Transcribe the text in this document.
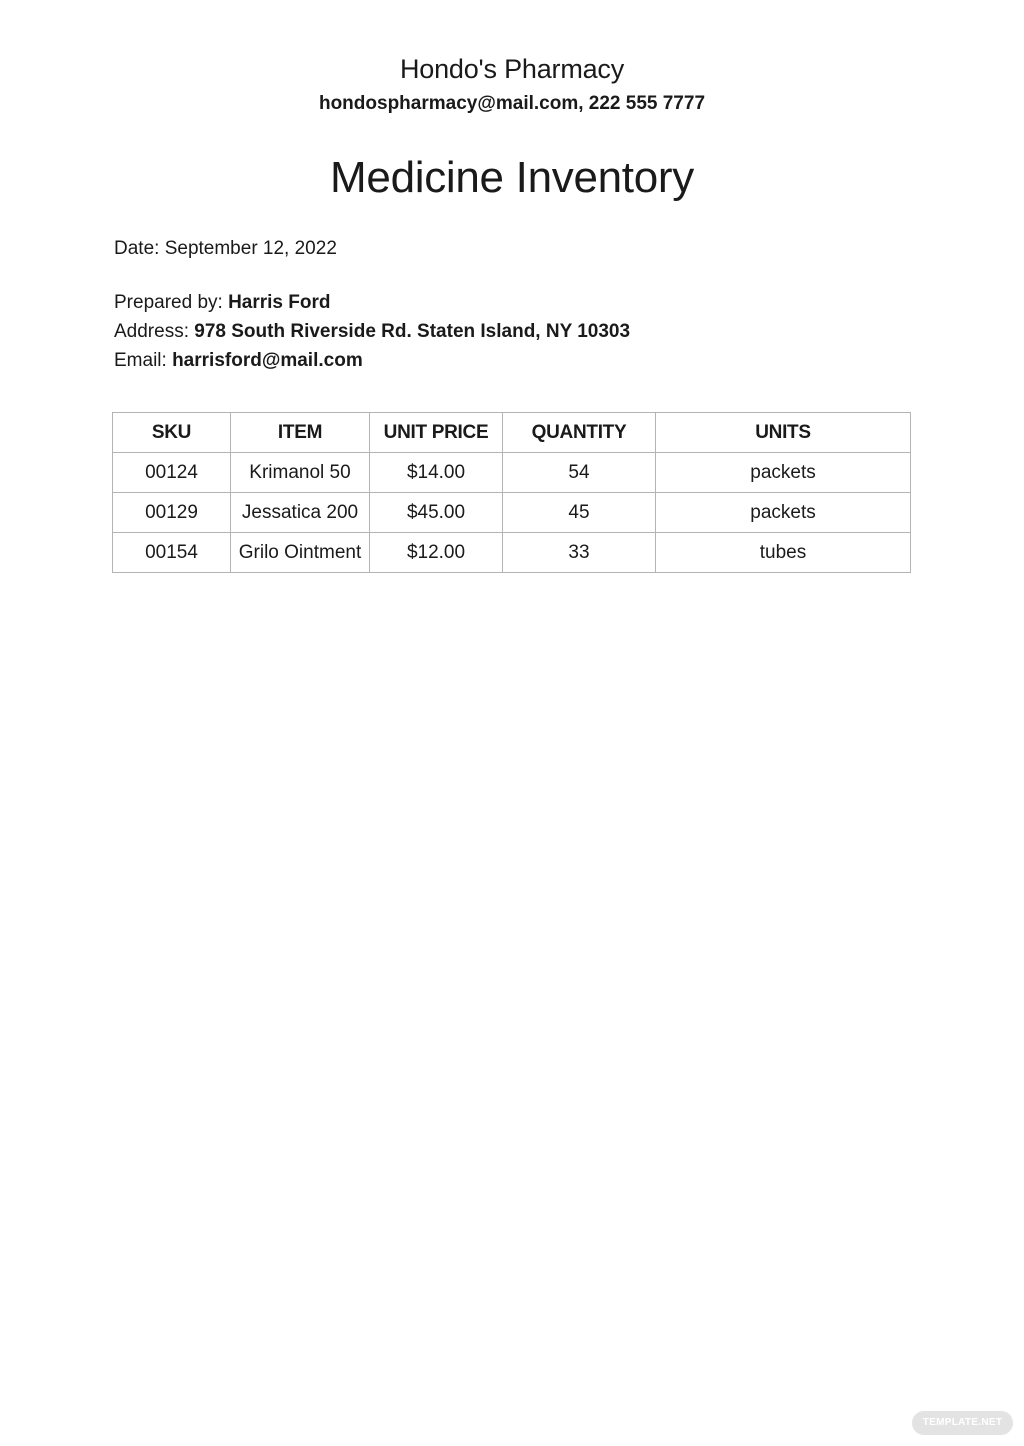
Hondo's Pharmacy
hondospharmacy@mail.com, 222 555 7777
Medicine Inventory
Date: September 12, 2022
Prepared by: Harris Ford
Address: 978 South Riverside Rd. Staten Island, NY 10303
Email: harrisford@mail.com
SKU	ITEM	UNIT PRICE	QUANTITY	UNITS
00124	Krimanol 50	$14.00	54	packets
00129	Jessatica 200	$45.00	45	packets
00154	Grilo Ointment	$12.00	33	tubes
TEMPLATE.NET
